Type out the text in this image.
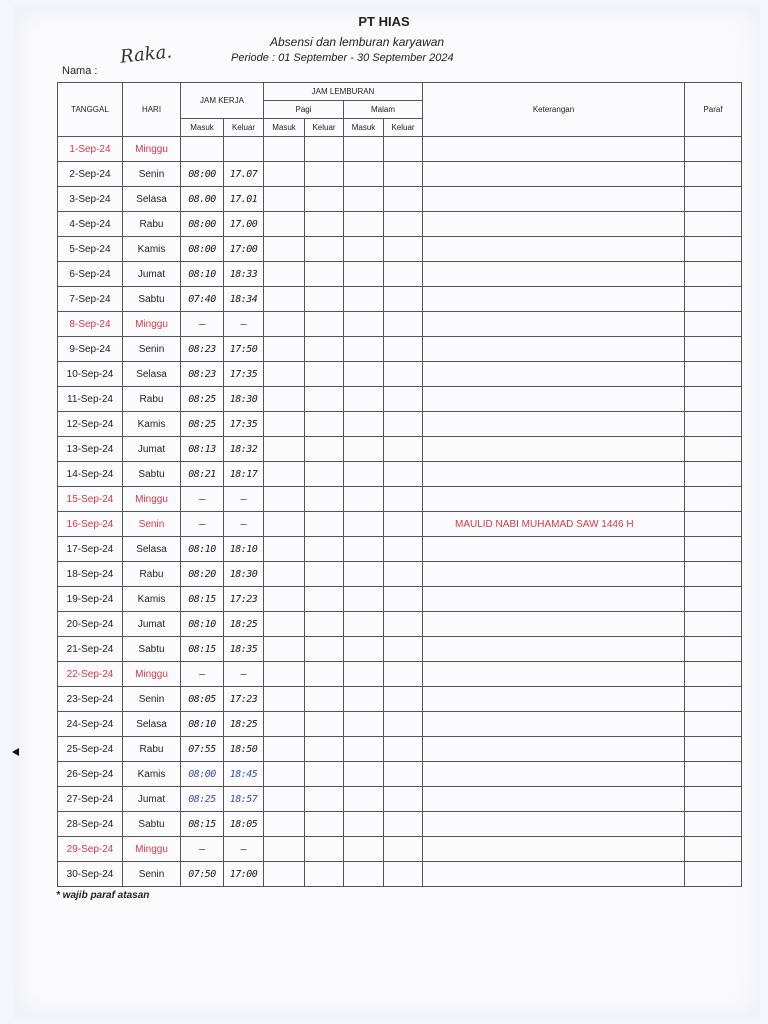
PT HIAS
Absensi dan lemburan karyawan
Periode : 01 September - 30 September 2024
Nama :
Raka.
TANGGAL	HARI	JAM KERJA		JAM LEMBURAN				Keterangan	Paraf
				Pagi		Malam			
		Masuk	Keluar	Masuk	Keluar	Masuk	Keluar		
1-Sep-24	Minggu								
2-Sep-24	Senin	08:00	17.07						
3-Sep-24	Selasa	08.00	17.01						
4-Sep-24	Rabu	08:00	17.00						
5-Sep-24	Kamis	08:00	17:00						
6-Sep-24	Jumat	08:10	18:33						
7-Sep-24	Sabtu	07:40	18:34						
8-Sep-24	Minggu	—	—						
9-Sep-24	Senin	08:23	17:50						
10-Sep-24	Selasa	08:23	17:35						
11-Sep-24	Rabu	08:25	18:30						
12-Sep-24	Kamis	08:25	17:35						
13-Sep-24	Jumat	08:13	18:32						
14-Sep-24	Sabtu	08:21	18:17						
15-Sep-24	Minggu	—	—						
16-Sep-24	Senin	—	—					MAULID NABI MUHAMAD SAW 1446 H	
17-Sep-24	Selasa	08:10	18:10						
18-Sep-24	Rabu	08:20	18:30						
19-Sep-24	Kamis	08:15	17:23						
20-Sep-24	Jumat	08:10	18:25						
21-Sep-24	Sabtu	08:15	18:35						
22-Sep-24	Minggu	—	—						
23-Sep-24	Senin	08:05	17:23						
24-Sep-24	Selasa	08:10	18:25						
25-Sep-24	Rabu	07:55	18:50						
26-Sep-24	Kamis	08:00	18:45						
27-Sep-24	Jumat	08:25	18:57						
28-Sep-24	Sabtu	08:15	18:05						
29-Sep-24	Minggu	—	—						
30-Sep-24	Senin	07:50	17:00						
* wajib paraf atasan
